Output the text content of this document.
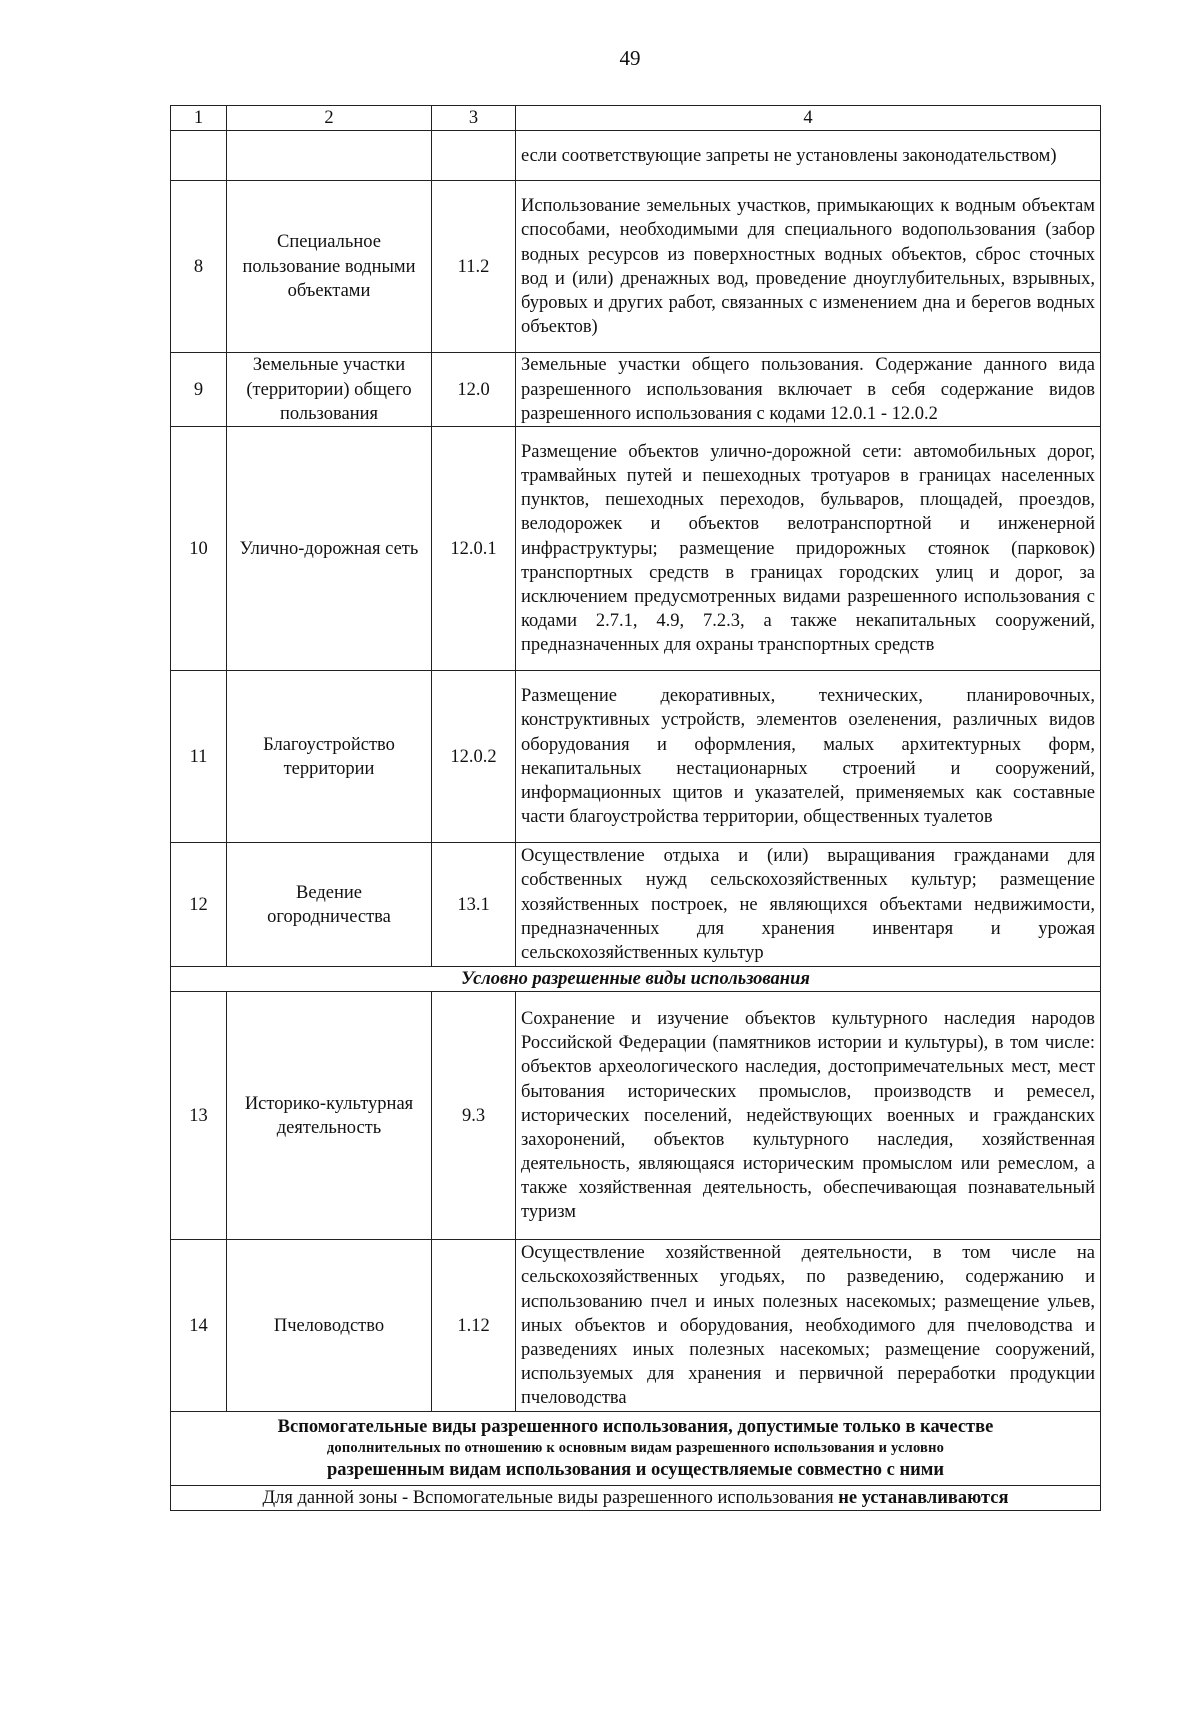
49
1	2	3	4
			если соответствующие запреты не установлены законодательством)
8	Специальное пользование водными объектами	11.2	Использование земельных участков, примыкающих к водным объектам способами, необходимыми для специального водопользования (забор водных ресурсов из поверхностных водных объектов, сброс сточных вод и (или) дренажных вод, проведение дноуглубительных, взрывных, буровых и других работ, связанных с изменением дна и берегов водных объектов)
9	Земельные участки (территории) общего пользования	12.0	Земельные участки общего пользования. Содержание данного вида разрешенного использования включает в себя содержание видов разрешенного использования с кодами 12.0.1 - 12.0.2
10	Улично-дорожная сеть	12.0.1	Размещение объектов улично-дорожной сети: автомобильных дорог, трамвайных путей и пешеходных тротуаров в границах населенных пунктов, пешеходных переходов, бульваров, площадей, проездов, велодорожек и объектов велотранспортной и инженерной инфраструктуры; размещение придорожных стоянок (парковок) транспортных средств в границах городских улиц и дорог, за исключением предусмотренных видами разрешенного использования с кодами 2.7.1, 4.9, 7.2.3, а также некапитальных сооружений, предназначенных для охраны транспортных средств
11	Благоустройство территории	12.0.2	Размещение декоративных, технических, планировочных, конструктивных устройств, элементов озеленения, различных видов оборудования и оформления, малых архитектурных форм, некапитальных нестационарных строений и сооружений, информационных щитов и указателей, применяемых как составные части благоустройства территории, общественных туалетов
12	Ведение огородничества	13.1	Осуществление отдыха и (или) выращивания гражданами для собственных нужд сельскохозяйственных культур; размещение хозяйственных построек, не являющихся объектами недвижимости, предназначенных для хранения инвентаря и урожая сельскохозяйственных культур
Условно разрешенные виды использования			
13	Историко-культурная деятельность	9.3	Сохранение и изучение объектов культурного наследия народов Российской Федерации (памятников истории и культуры), в том числе: объектов археологического наследия, достопримечательных мест, мест бытования исторических промыслов, производств и ремесел, исторических поселений, недействующих военных и гражданских захоронений, объектов культурного наследия, хозяйственная деятельность, являющаяся историческим промыслом или ремеслом, а также хозяйственная деятельность, обеспечивающая познавательный туризм
14	Пчеловодство	1.12	Осуществление хозяйственной деятельности, в том числе на сельскохозяйственных угодьях, по разведению, содержанию и использованию пчел и иных полезных насекомых; размещение ульев, иных объектов и оборудования, необходимого для пчеловодства и разведениях иных полезных насекомых; размещение сооружений, используемых для хранения и первичной переработки продукции пчеловодства
Вспомогательные виды разрешенного использования, допустимые только в качестве
дополнительных по отношению к основным видам разрешенного использования и условно
разрешенным видам использования и осуществляемые совместно с ними			
Для данной зоны - Вспомогательные виды разрешенного использования не устанавливаются			
